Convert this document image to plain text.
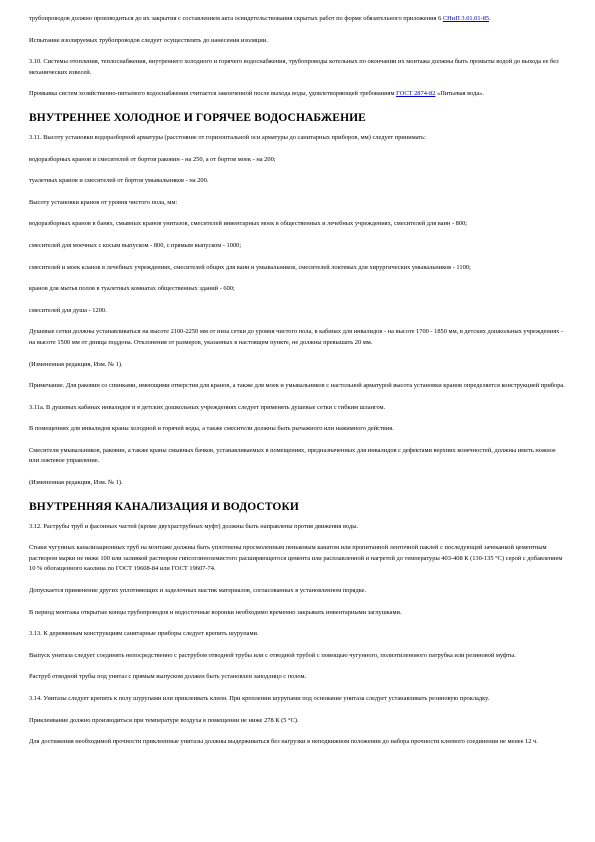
трубопроводов должно производиться до их закрытия с составлением акта освидетельствования скрытых работ по форме обязательного приложения 6 СНиП 3.01.01-85.

Испытание изолируемых трубопроводов следует осуществлять до нанесения изоляции.

3.10. Системы отопления, теплоснабжения, внутреннего холодного и горячего водоснабжения, трубопроводы котельных по окончании их монтажа должны быть промыты водой до выхода ее без механических взвесей.

Промывка систем хозяйственно-питьевого водоснабжения считается законченной после выхода воды, удовлетворяющей требованиям ГОСТ 2874-82 «Питьевая вода».

ВНУТРЕННЕЕ ХОЛОДНОЕ И ГОРЯЧЕЕ ВОДОСНАБЖЕНИЕ

3.11. Высоту установки водоразборной арматуры (расстояние от горизонтальной оси арматуры до санитарных приборов, мм) следует принимать:

водоразборных кранов и смесителей от бортов раковин - на 250, а от бортов моек - на 200;

туалетных кранов и смесителей от бортов умывальников - на 200.

Высоту установки кранов от уровня чистого пола, мм:

водоразборных кранов в банях, смывных кранов унитазов, смесителей инвентарных моек в общественных и лечебных учреждениях, смесителей для ванн - 800;

смесителей для моечных с косым выпуском - 800, с прямым выпуском - 1000;

смесителей и моек кланов в лечебных учреждениях, смесителей общих для ванн и умывальников, смесителей локтевых для хирургических умывальников - 1100;

кранов для мытья полов в туалетных комнатах общественных зданий - 600;

смесителей для душа - 1200.

Душевые сетки должны устанавливаться на высоте 2100-2250 мм от низа сетки до уровня чистого пола, в кабинах для инвалидов - на высоте 1700 - 1850 мм, в детских дошкольных учреждениях - на высоте 1500 мм от днища поддона. Отклонения от размеров, указанных в настоящем пункте, не должны превышать 20 мм.

(Измененная редакция, Изм. № 1).

Примечание. Для раковин со спинками, имеющими отверстия для кранов, а также для моек и умывальников с настольной арматурой высота установки кранов определяется конструкцией прибора.

3.11а. В душевых кабинах инвалидов и в детских дошкольных учреждениях следует применять душевые сетки с гибким шлангом.

В помещениях для инвалидов краны холодной и горячей воды, а также смесители должны быть рычажного или нажимного действия.

Смесители умывальников, раковин, а также краны смывных бачков, устанавливаемых в помещениях, предназначенных для инвалидов с дефектами верхних конечностей, должны иметь ножное или локтевое управление.

(Измененная редакция, Изм. № 1).

ВНУТРЕННЯЯ КАНАЛИЗАЦИЯ И ВОДОСТОКИ

3.12. Раструбы труб и фасонных частей (кроме двухраструбных муфт) должны быть направлены против движения воды.

Стыки чугунных канализационных труб на монтаже должны быть уплотнены просмоленным пеньковым канатом или пропитанной ленточной паклей с последующей зачеканкой цементным раствором марки не ниже 100 или заливкой раствором гипсоглиноземистого расширяющегося цемента или расплавленной и нагретой до температуры 403-408 К (130-135 °С) серой с добавлением 10 % обогащенного каолина по ГОСТ 19608-84 или ГОСТ 19607-74.

Допускается применение других уплотняющих и заделочных мастик материалов, согласованных в установленном порядке.

В период монтажа открытые концы трубопроводов и водосточные воронки необходимо временно закрывать инвентарными заглушками.

3.13. К деревянным конструкциям санитарные приборы следует крепить шурупами.

Выпуск унитаза следует соединять непосредственно с раструбом отводной трубы или с отводной трубой с помощью чугунного, полиэтиленового патрубка или резиновой муфты.

Раструб отводной трубы под унитаз с прямым выпуском должен быть установлен заподлицо с полом.

3.14. Унитазы следует крепить к полу шурупами или приклеивать клеем. При креплении шурупами под основание унитаза следует устанавливать резиновую прокладку.

Приклеивание должно производиться при температуре воздуха в помещении не ниже 278 К (5 °С).

Для достижения необходимой прочности приклеенные унитазы должны выдерживаться без нагрузки в неподвижном положении до набора прочности клеевого соединения не менее 12 ч.
